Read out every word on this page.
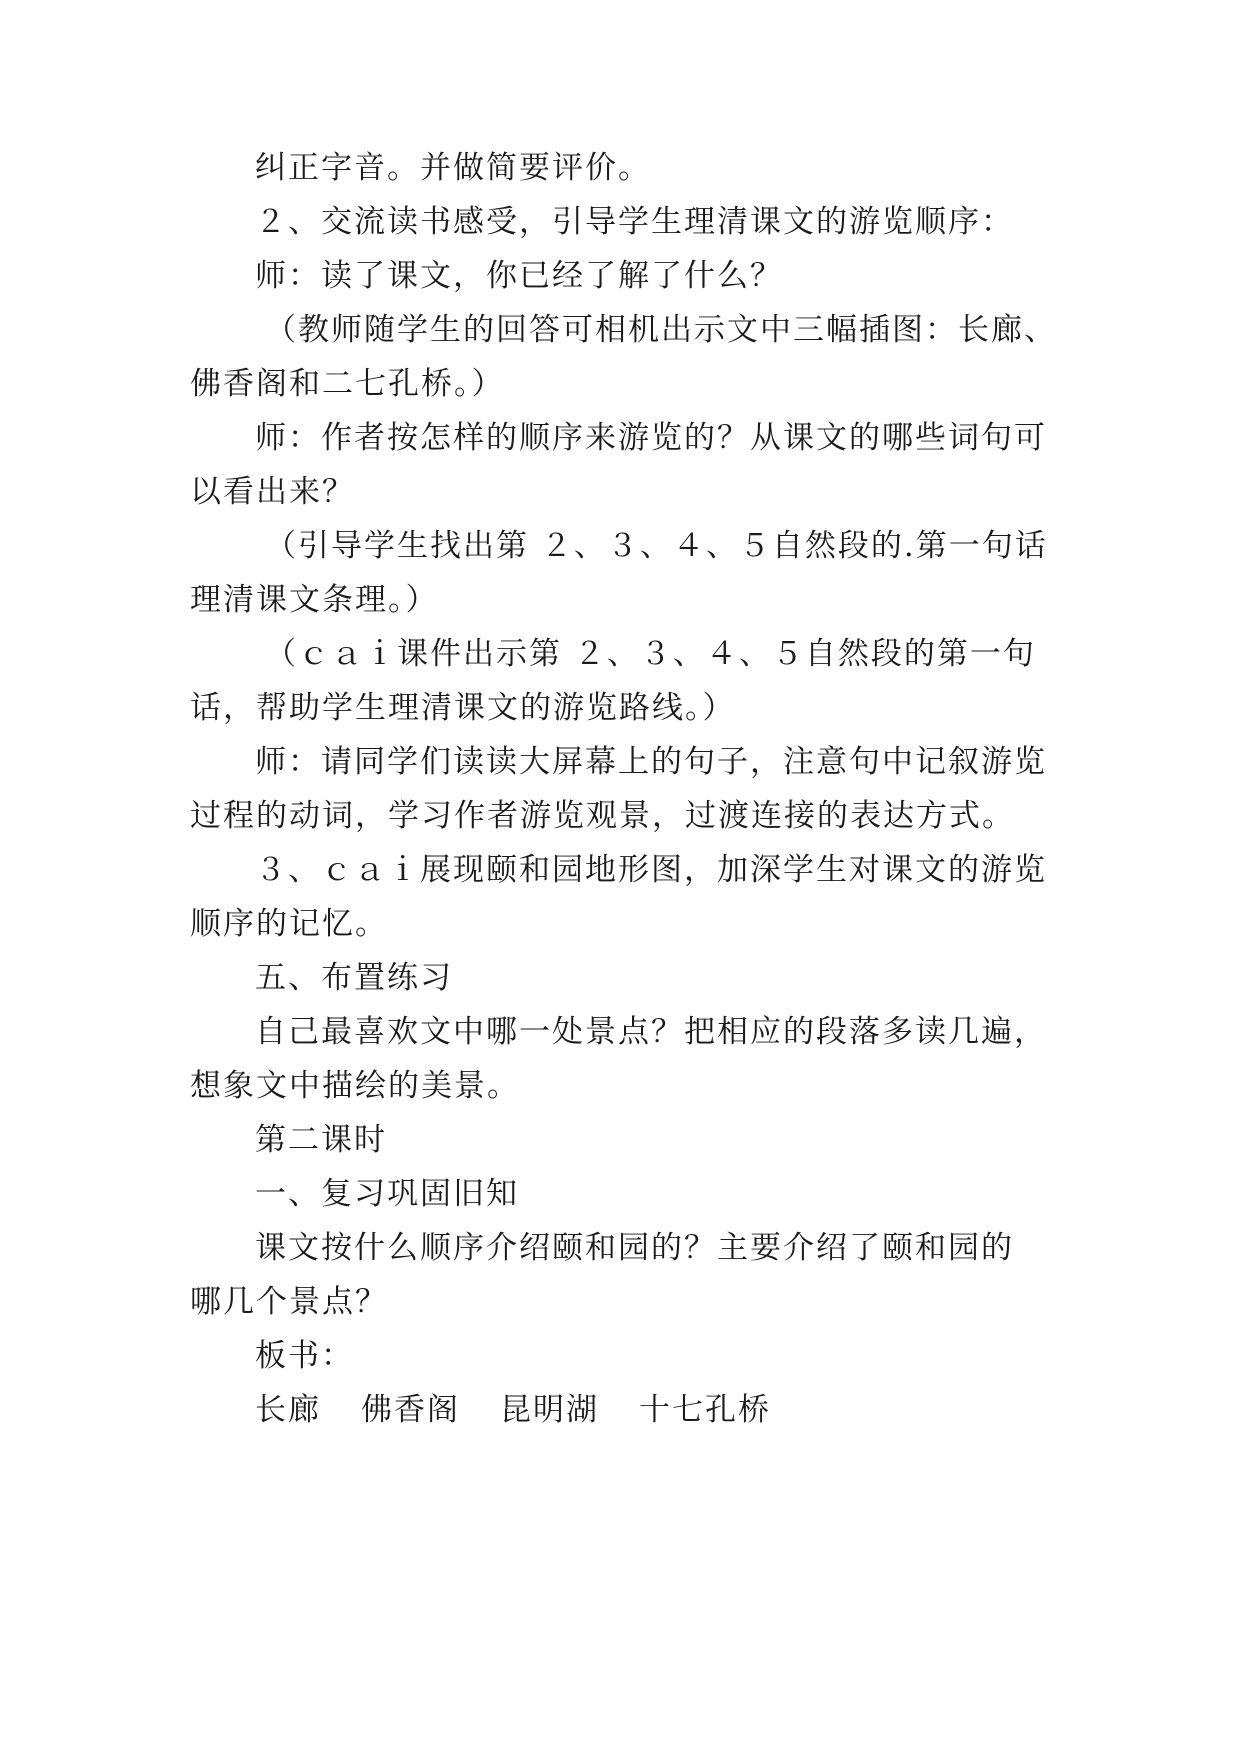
纠正字音。并做简要评价。
２、交流读书感受，引导学生理清课文的游览顺序：
师：读了课文，你已经了解了什么？
（教师随学生的回答可相机出示文中三幅插图：长廊、
佛香阁和二七孔桥。）
师：作者按怎样的顺序来游览的？从课文的哪些词句可
以看出来？
（引导学生找出第 ２、３、４、５自然段的.第一句话
理清课文条理。）
（ｃａｉ课件出示第 ２、３、４、５自然段的第一句
话，帮助学生理清课文的游览路线。）
师：请同学们读读大屏幕上的句子，注意句中记叙游览
过程的动词，学习作者游览观景，过渡连接的表达方式。
３、ｃａｉ展现颐和园地形图，加深学生对课文的游览
顺序的记忆。
五、布置练习
自己最喜欢文中哪一处景点？把相应的段落多读几遍，
想象文中描绘的美景。
第二课时
一、复习巩固旧知
课文按什么顺序介绍颐和园的？主要介绍了颐和园的
哪几个景点？
板书：
长廊 佛香阁 昆明湖 十七孔桥
